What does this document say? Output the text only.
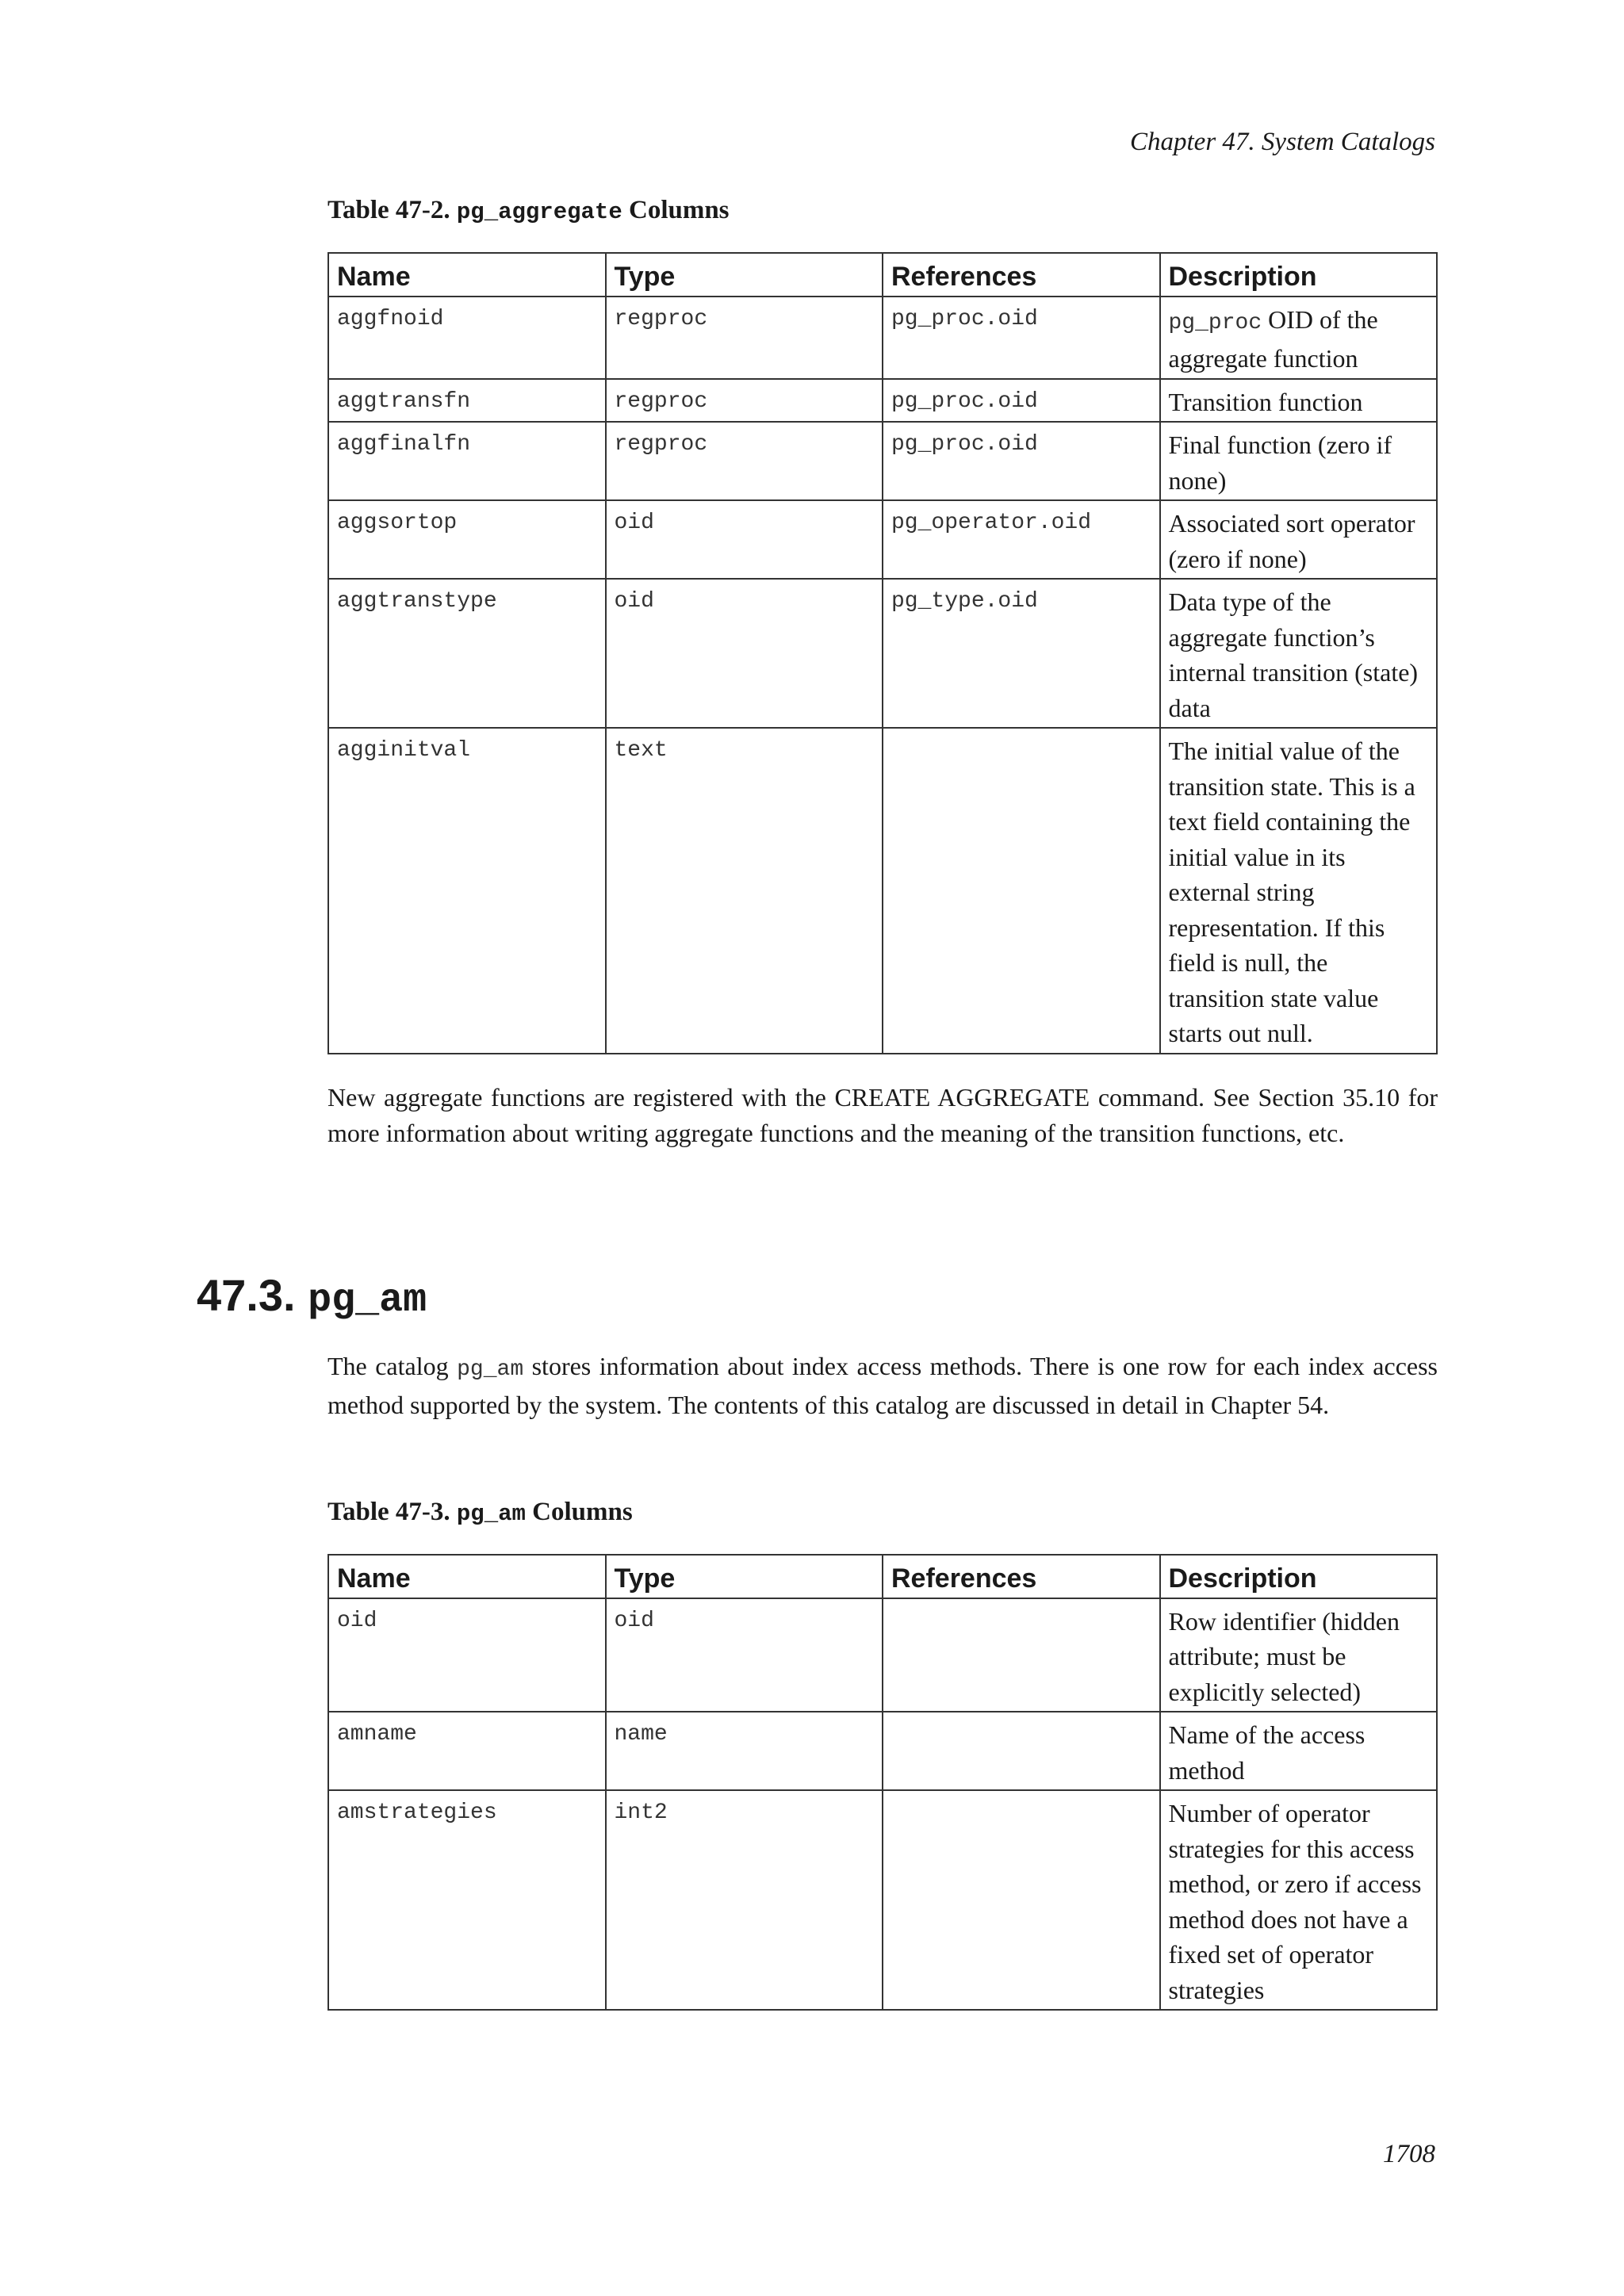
Chapter 47. System Catalogs
Table 47-2. pg_aggregate Columns
Name	Type	References	Description
aggfnoid	regproc	pg_proc.oid	pg_proc OID of the aggregate function
aggtransfn	regproc	pg_proc.oid	Transition function
aggfinalfn	regproc	pg_proc.oid	Final function (zero if none)
aggsortop	oid	pg_operator.oid	Associated sort operator (zero if none)
aggtranstype	oid	pg_type.oid	Data type of the aggregate function’s internal transition (state) data
agginitval	text		The initial value of the transition state. This is a text field containing the initial value in its external string representation. If this field is null, the transition state value starts out null.
New aggregate functions are registered with the CREATE AGGREGATE command. See Section 35.10 for more information about writing aggregate functions and the meaning of the transition functions, etc.
47.3. pg_am
The catalog pg_am stores information about index access methods. There is one row for each index access method supported by the system. The contents of this catalog are discussed in detail in Chapter 54.
Table 47-3. pg_am Columns
Name	Type	References	Description
oid	oid		Row identifier (hidden attribute; must be explicitly selected)
amname	name		Name of the access method
amstrategies	int2		Number of operator strategies for this access method, or zero if access method does not have a fixed set of operator strategies
1708
